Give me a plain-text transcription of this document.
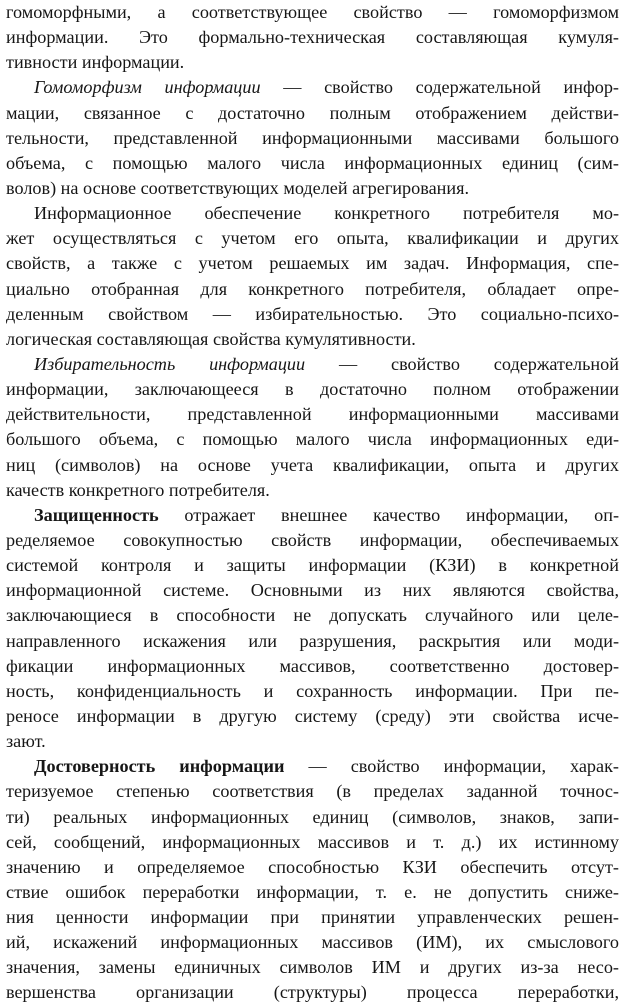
гомоморфными, а соответствующее свойство — гомоморфизмом
информации. Это формально-техническая составляющая кумуля-
тивности информации.
Гомоморфизм информации — свойство содержательной инфор-
мации, связанное с достаточно полным отображением действи-
тельности, представленной информационными массивами большого
объема, с помощью малого числа информационных единиц (сим-
волов) на основе соответствующих моделей агрегирования.
Информационное обеспечение конкретного потребителя мо-
жет осуществляться с учетом его опыта, квалификации и других
свойств, а также с учетом решаемых им задач. Информация, спе-
циально отобранная для конкретного потребителя, обладает опре-
деленным свойством — избирательностью. Это социально-психо-
логическая составляющая свойства кумулятивности.
Избирательность информации — свойство содержательной
информации, заключающееся в достаточно полном отображении
действительности, представленной информационными массивами
большого объема, с помощью малого числа информационных еди-
ниц (символов) на основе учета квалификации, опыта и других
качеств конкретного потребителя.
Защищенность отражает внешнее качество информации, оп-
ределяемое совокупностью свойств информации, обеспечиваемых
системой контроля и защиты информации (КЗИ) в конкретной
информационной системе. Основными из них являются свойства,
заключающиеся в способности не допускать случайного или целе-
направленного искажения или разрушения, раскрытия или моди-
фикации информационных массивов, соответственно достовер-
ность, конфиденциальность и сохранность информации. При пе-
реносе информации в другую систему (среду) эти свойства исче-
зают.
Достоверность информации — свойство информации, харак-
теризуемое степенью соответствия (в пределах заданной точнос-
ти) реальных информационных единиц (символов, знаков, запи-
сей, сообщений, информационных массивов и т. д.) их истинному
значению и определяемое способностью КЗИ обеспечить отсут-
ствие ошибок переработки информации, т. е. не допустить сниже-
ния ценности информации при принятии управленческих решен-
ий, искажений информационных массивов (ИМ), их смыслового
значения, замены единичных символов ИМ и других из-за несо-
вершенства организации (структуры) процесса переработки,
